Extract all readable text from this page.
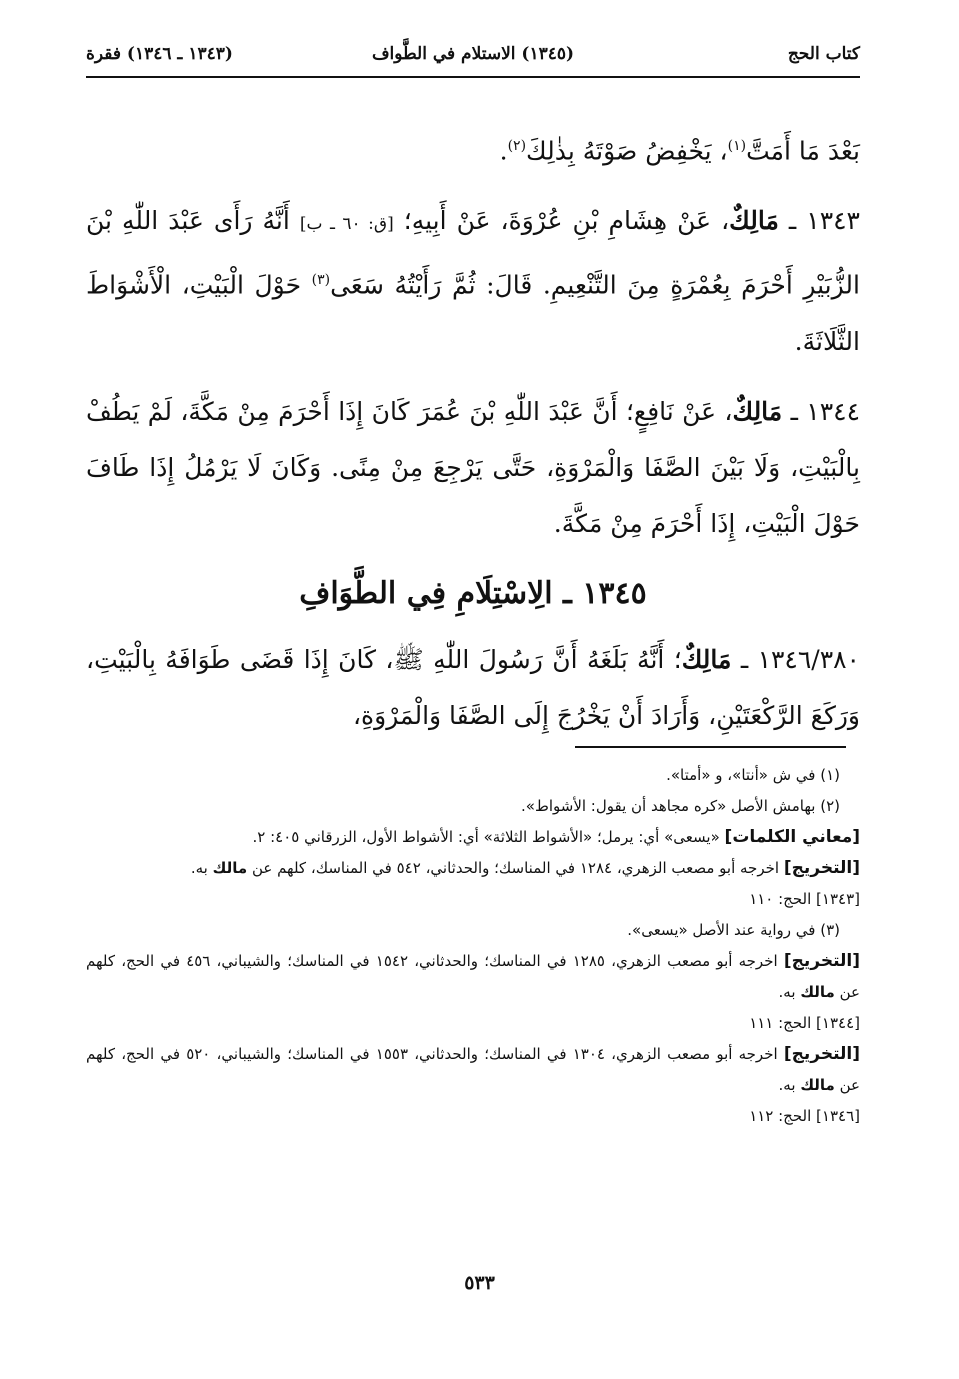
كتاب الحج
(١٣٤٥) الاستلام في الطَّواف
(١٣٤٣ ـ ١٣٤٦) فقرة

بَعْدَ مَا أَمَتَّ$^{(١)}$، يَخْفِضُ صَوْتَهُ بِذٰلِكَ$^{(٢)}$.

١٣٤٣ ـ مَالِكٌ، عَنْ هِشَامِ بْنِ عُرْوَةَ، عَنْ أَبِيهِ؛ [ق: ٦٠ ـ ب] أَنَّهُ رَأَى عَبْدَ اللّٰهِ بْنَ الزُّبَيْرِ أَحْرَمَ بِعُمْرَةٍ مِنَ التَّنْعِيمِ. قَالَ: ثُمَّ رَأَيْتُهُ سَعَى$^{(٣)}$ حَوْلَ الْبَيْتِ، الْأَشْوَاطَ الثَّلَاثَةَ.

١٣٤٤ ـ مَالِكٌ، عَنْ نَافِعٍ؛ أَنَّ عَبْدَ اللّٰهِ بْنَ عُمَرَ كَانَ إِذَا أَحْرَمَ مِنْ مَكَّةَ، لَمْ يَطُفْ بِالْبَيْتِ، وَلَا بَيْنَ الصَّفَا وَالْمَرْوَةِ، حَتَّى يَرْجِعَ مِنْ مِنًى. وَكَانَ لَا يَرْمُلُ إِذَا طَافَ حَوْلَ الْبَيْتِ، إِذَا أَحْرَمَ مِنْ مَكَّةَ.

١٣٤٥ ـ الِاسْتِلَامِ فِي الطَّوَافِ

١٣٤٦/٣٨٠ ـ مَالِكٌ؛ أَنَّهُ بَلَغَهُ أَنَّ رَسُولَ اللّٰهِ ﷺ، كَانَ إِذَا قَضَى طَوَافَهُ بِالْبَيْتِ، وَرَكَعَ الرَّكْعَتَيْنِ، وَأَرَادَ أَنْ يَخْرُجَ إِلَى الصَّفَا وَالْمَرْوَةِ،

(١) في ش «أنتا»، و «أمتا».

(٢) بهامش الأصل «كره مجاهد أن يقول: الأشواط».

[معاني الكلمات] «يسعى» أي: يرمل؛ «الأشواط الثلاثة» أي: الأشواط الأول، الزرقاني ٤٠٥: ٢.

[التخريج] اخرجه أبو مصعب الزهري، ١٢٨٤ في المناسك؛ والحدثاني، ٥٤٢ في المناسك، كلهم عن مالك به.

[١٣٤٣] الحج: ١١٠

(٣) في رواية عند الأصل «يسعى».

[التخريج] اخرجه أبو مصعب الزهري، ١٢٨٥ في المناسك؛ والحدثاني، ١٥٤٢ في المناسك؛ والشيباني، ٤٥٦ في الحج، كلهم عن مالك به.

[١٣٤٤] الحج: ١١١

[التخريج] اخرجه أبو مصعب الزهري، ١٣٠٤ في المناسك؛ والحدثاني، ١٥٥٣ في المناسك؛ والشيباني، ٥٢٠ في الحج، كلهم عن مالك به.

[١٣٤٦] الحج: ١١٢

٥٣٣
